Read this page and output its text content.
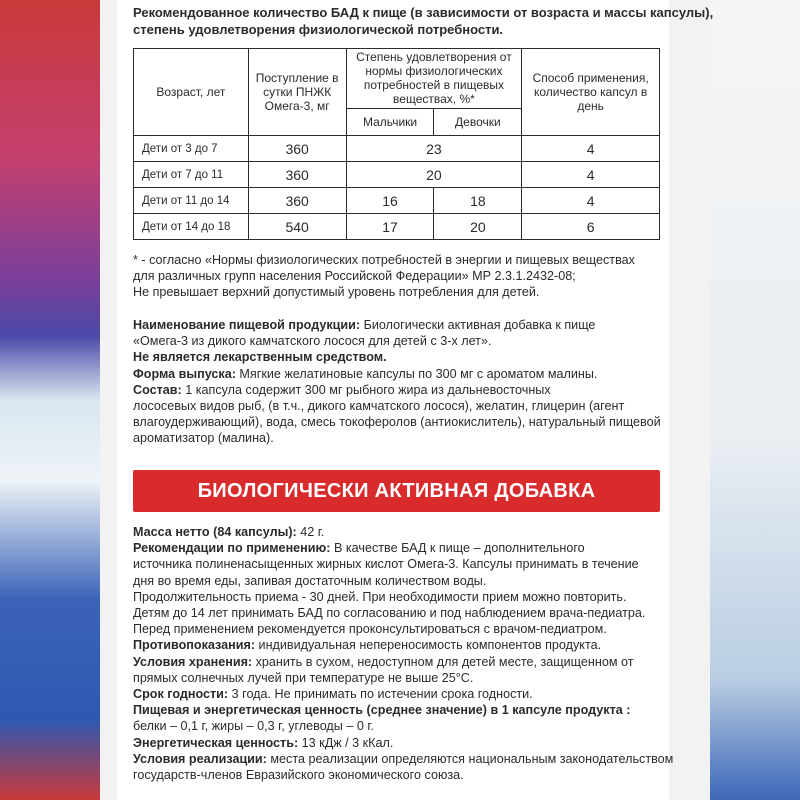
Рекомендованное количество БАД к пище (в зависимости от возраста и массы капсулы),
степень удовлетворения физиологической потребности.
Возраст, лет	Поступление в сутки ПНЖК Омега-3, мг	Степень удовлетворения от нормы физиологических потребностей в пищевых веществах, %*		Способ применения, количество капсул в день
		Мальчики	Девочки	
Дети от 3 до 7	360	23		4
Дети от 7 до 11	360	20		4
Дети от 11 до 14	360	16	18	4
Дети от 14 до 18	540	17	20	6
* - согласно «Нормы физиологических потребностей в энергии и пищевых веществах
для различных групп населения Российской Федерации» МР 2.3.1.2432-08;
Не превышает верхний допустимый уровень потребления для детей.
Наименование пищевой продукции: Биологически активная добавка к пище
«Омега-3 из дикого камчатского лосося для детей с 3-х лет».
Не является лекарственным средством.
Форма выпуска: Мягкие желатиновые капсулы по 300 мг с ароматом малины.
Состав: 1 капсула содержит 300 мг рыбного жира из дальневосточных
лососевых видов рыб, (в т.ч., дикого камчатского лосося), желатин, глицерин (агент
влагоудерживающий), вода, смесь токоферолов (антиокислитель), натуральный пищевой
ароматизатор (малина).
БИОЛОГИЧЕСКИ АКТИВНАЯ ДОБАВКА
Масса нетто (84 капсулы): 42 г.
Рекомендации по применению: В качестве БАД к пище – дополнительного
источника полиненасыщенных жирных кислот Омега-3. Капсулы принимать в течение
дня во время еды, запивая достаточным количеством воды.
Продолжительность приема - 30 дней. При необходимости прием можно повторить.
Детям до 14 лет принимать БАД по согласованию и под наблюдением врача-педиатра.
Перед применением рекомендуется проконсультироваться с врачом-педиатром.
Противопоказания: индивидуальная непереносимость компонентов продукта.
Условия хранения: хранить в сухом, недоступном для детей месте, защищенном от
прямых солнечных лучей при температуре не выше 25°С.
Срок годности: 3 года. Не принимать по истечении срока годности.
Пищевая и энергетическая ценность (среднее значение) в 1 капсуле продукта :
белки – 0,1 г, жиры – 0,3 г, углеводы – 0 г.
Энергетическая ценность: 13 кДж / 3 кКал.
Условия реализации: места реализации определяются национальным законодательством
государств-членов Евразийского экономического союза.
